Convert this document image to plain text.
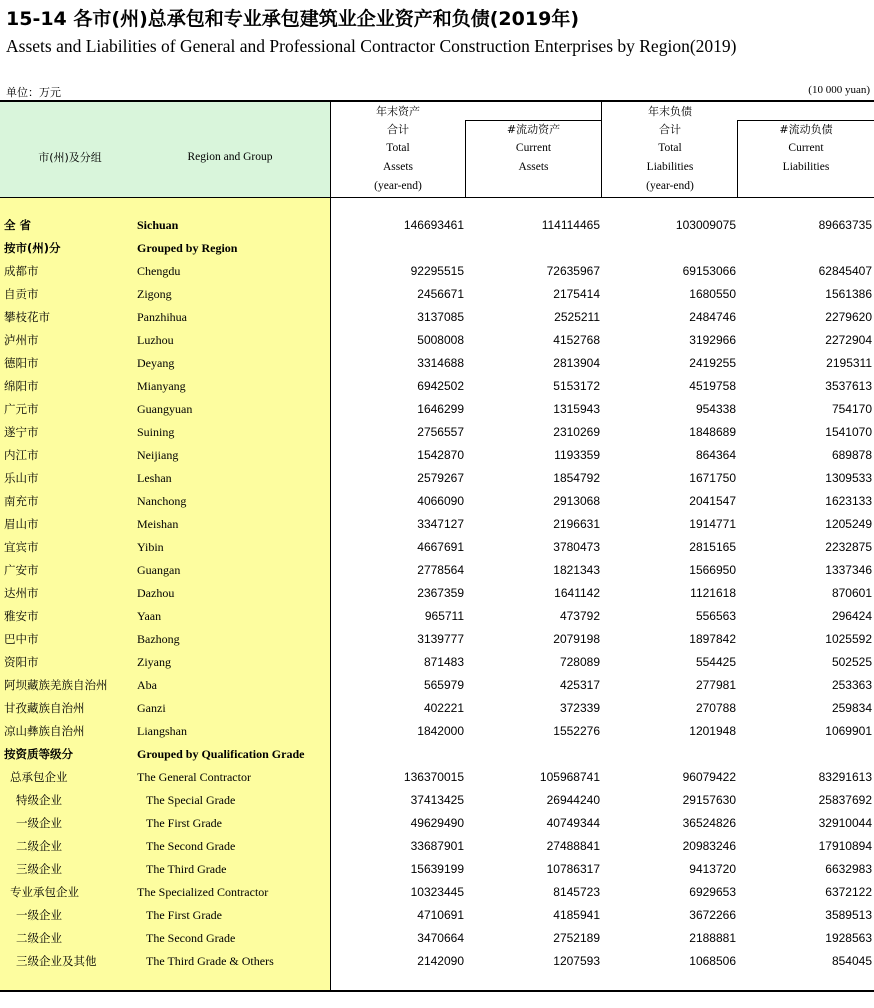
15-14 各市(州)总承包和专业承包建筑业企业资产和负债(2019年)
Assets and Liabilities of General and Professional Contractor Construction Enterprises by Region(2019)
单位：万元	(10 000 yuan)
市(州)及分组	Region and Group
年末资产	年末负债
合计
Total
Assets
(year-end)
#流动资产
Current
Assets
合计
Total
Liabilities
(year-end)
#流动负债
Current
Liabilities
全 省	Sichuan	146693461	114114465	103009075	89663735
按市(州)分	Grouped by Region
成都市	Chengdu	92295515	72635967	69153066	62845407
自贡市	Zigong	2456671	2175414	1680550	1561386
攀枝花市	Panzhihua	3137085	2525211	2484746	2279620
泸州市	Luzhou	5008008	4152768	3192966	2272904
德阳市	Deyang	3314688	2813904	2419255	2195311
绵阳市	Mianyang	6942502	5153172	4519758	3537613
广元市	Guangyuan	1646299	1315943	954338	754170
遂宁市	Suining	2756557	2310269	1848689	1541070
内江市	Neijiang	1542870	1193359	864364	689878
乐山市	Leshan	2579267	1854792	1671750	1309533
南充市	Nanchong	4066090	2913068	2041547	1623133
眉山市	Meishan	3347127	2196631	1914771	1205249
宜宾市	Yibin	4667691	3780473	2815165	2232875
广安市	Guangan	2778564	1821343	1566950	1337346
达州市	Dazhou	2367359	1641142	1121618	870601
雅安市	Yaan	965711	473792	556563	296424
巴中市	Bazhong	3139777	2079198	1897842	1025592
资阳市	Ziyang	871483	728089	554425	502525
阿坝藏族羌族自治州 Aba	565979	425317	277981	253363
甘孜藏族自治州	Ganzi	402221	372339	270788	259834
凉山彝族自治州	Liangshan	1842000	1552276	1201948	1069901
按资质等级分	Grouped by Qualification Grade
总承包企业	The General Contractor	136370015	105968741	96079422	83291613
特级企业	The Special Grade	37413425	26944240	29157630	25837692
一级企业	The First Grade	49629490	40749344	36524826	32910044
二级企业	The Second Grade	33687901	27488841	20983246	17910894
三级企业	The Third Grade	15639199	10786317	9413720	6632983
专业承包企业	The Specialized Contractor	10323445	8145723	6929653	6372122
一级企业	The First Grade	4710691	4185941	3672266	3589513
二级企业	The Second Grade	3470664	2752189	2188881	1928563
三级企业及其他	The Third Grade & Others	2142090	1207593	1068506	854045
